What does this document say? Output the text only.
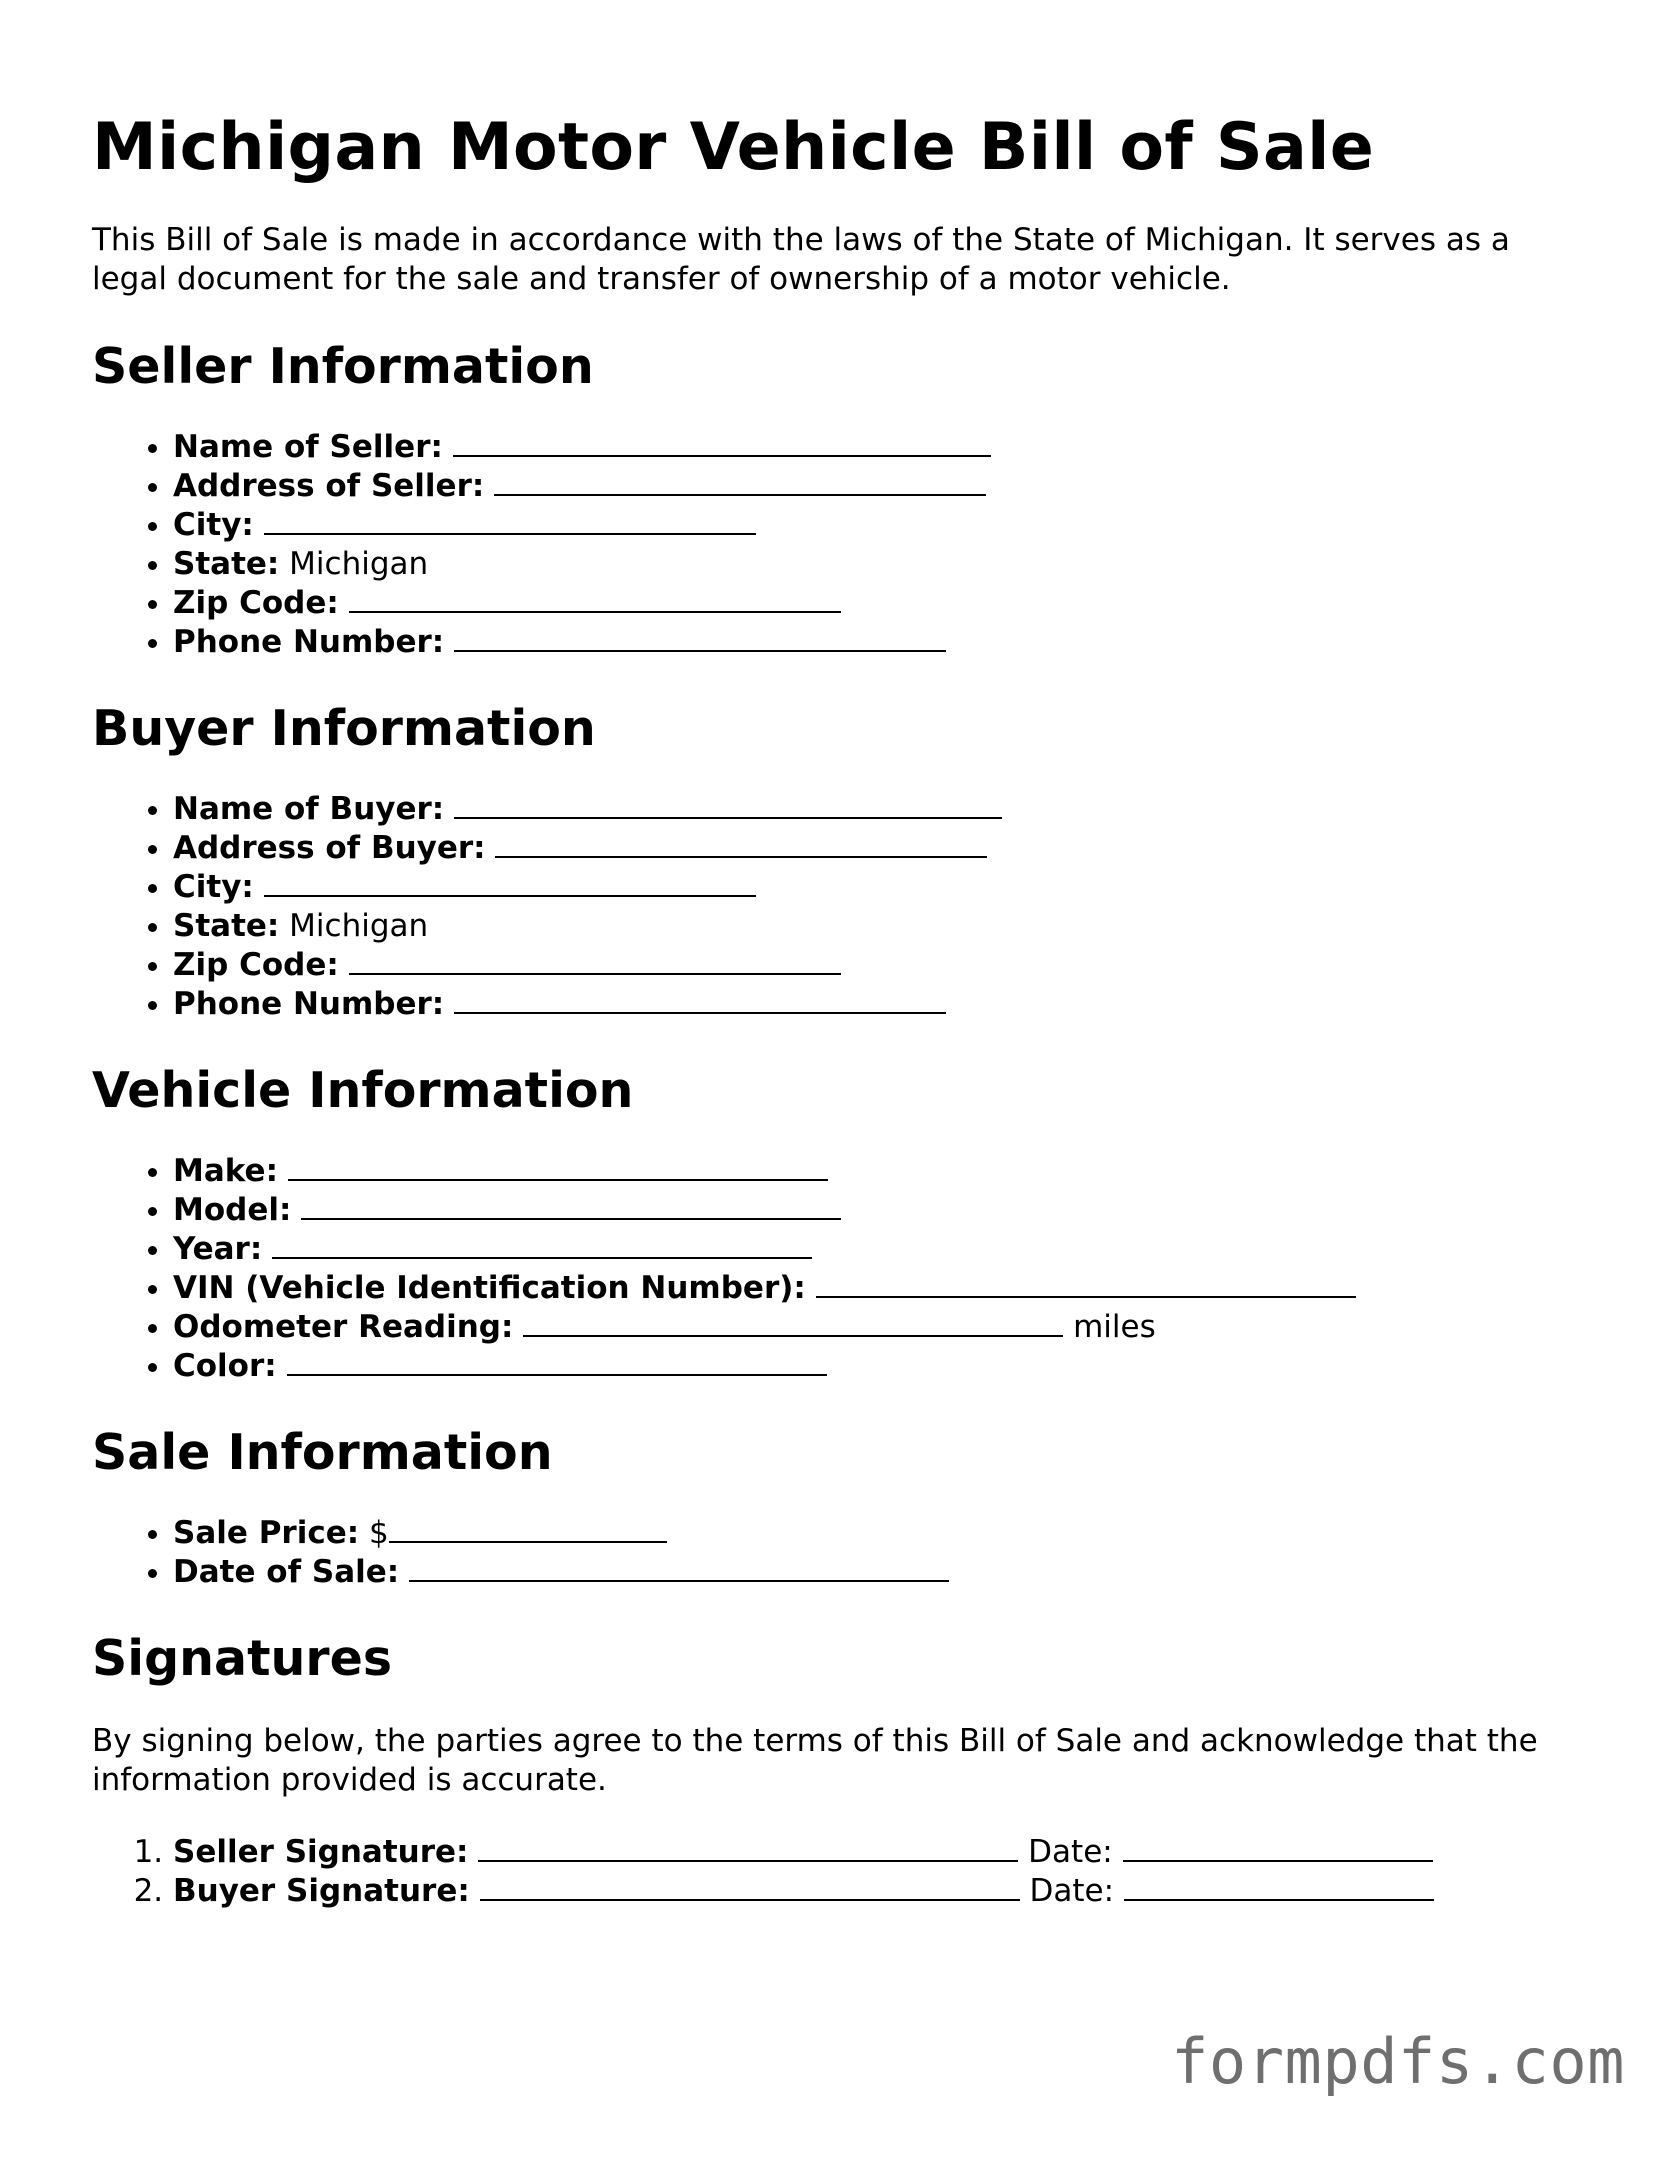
Michigan Motor Vehicle Bill of Sale

This Bill of Sale is made in accordance with the laws of the State of Michigan. It serves as a legal document for the sale and transfer of ownership of a motor vehicle.

Seller Information
• Name of Seller:
• Address of Seller:
• City:
• State: Michigan
• Zip Code:
• Phone Number:
Buyer Information
• Name of Buyer:
• Address of Buyer:
• City:
• State: Michigan
• Zip Code:
• Phone Number:
Vehicle Information
• Make:
• Model:
• Year:
• VIN (Vehicle Identification Number):
• Odometer Reading:	miles
• Color:
Sale Information
• Sale Price: $
• Date of Sale:
Signatures

By signing below, the parties agree to the terms of this Bill of Sale and acknowledge that the information provided is accurate.

1. Seller Signature:	Date:
2. Buyer Signature:	Date:
formpdfs.com
